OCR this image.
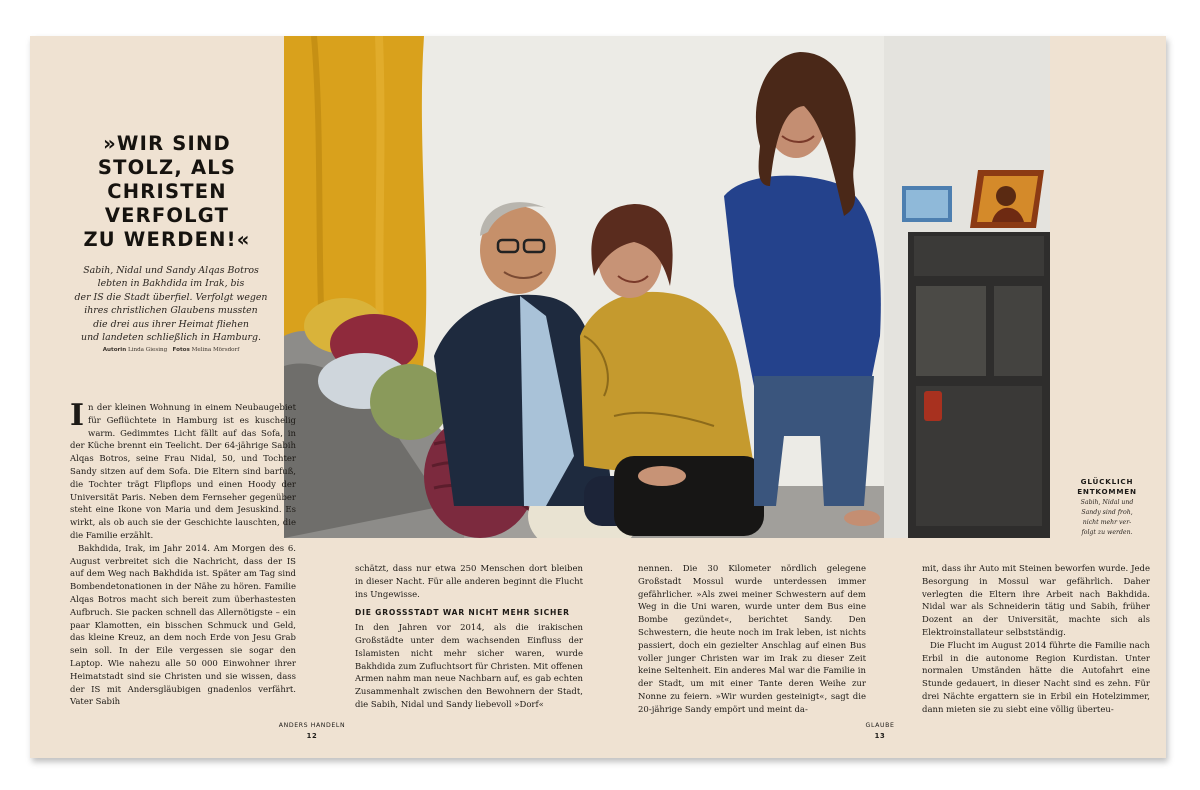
»WIR SIND
STOLZ, ALS
CHRISTEN
VERFOLGT
ZU WERDEN!«
Sabih, Nidal und Sandy Alqas Botros
lebten in Bakhdida im Irak, bis
der IS die Stadt überfiel. Verfolgt wegen
ihres christlichen Glaubens mussten
die drei aus ihrer Heimat fliehen
und landeten schließlich in Hamburg.
Autorin Linda Giesing Fotos Melina Mörsdorf

In der kleinen Wohnung in einem Neubaugebiet für Geflüchtete in Hamburg ist es kuschelig warm. Gedimmtes Licht fällt auf das Sofa, in der Küche brennt ein Teelicht. Der 64-jährige Sabih Alqas Botros, seine Frau Nidal, 50, und Tochter Sandy sitzen auf dem Sofa. Die Eltern sind barfuß, die Tochter trägt Flipflops und einen Hoody der Universität Paris. Neben dem Fernseher gegenüber steht eine Ikone von Maria und dem Jesuskind. Es wirkt, als ob auch sie der Geschichte lauschten, die die Familie erzählt.

Bakhdida, Irak, im Jahr 2014. Am Morgen des 6. August verbreitet sich die Nachricht, dass der IS auf dem Weg nach Bakhdida ist. Später am Tag sind Bombendetonationen in der Nähe zu hören. Familie Alqas Botros macht sich bereit zum überhastesten Aufbruch. Sie packen schnell das Allernötigste – ein paar Klamotten, ein bisschen Schmuck und Geld, das kleine Kreuz, an dem noch Erde von Jesu Grab sein soll. In der Eile vergessen sie sogar den Laptop. Wie nahezu alle 50 000 Einwohner ihrer Heimatstadt sind sie Christen und sie wissen, dass der IS mit Andersgläubigen gnadenlos verfährt. Vater Sabih

schätzt, dass nur etwa 250 Menschen dort bleiben in dieser Nacht. Für alle anderen beginnt die Flucht ins Ungewisse.

DIE GROSSSTADT WAR NICHT MEHR SICHER

In den Jahren vor 2014, als die irakischen Großstädte unter dem wachsenden Einfluss der Islamisten nicht mehr sicher waren, wurde Bakhdida zum Zufluchtsort für Christen. Mit offenen Armen nahm man neue Nachbarn auf, es gab echten Zusammenhalt zwischen den Bewohnern der Stadt, die Sabih, Nidal und Sandy liebevoll »Dorf«

nennen. Die 30 Kilometer nördlich gelegene Großstadt Mossul wurde unterdessen immer gefährlicher. »Als zwei meiner Schwestern auf dem Weg in die Uni waren, wurde unter dem Bus eine Bombe gezündet«, berichtet Sandy. Den Schwestern, die heute noch im Irak leben, ist nichts passiert, doch ein gezielter Anschlag auf einen Bus voller junger Christen war im Irak zu dieser Zeit keine Seltenheit. Ein anderes Mal war die Familie in der Stadt, um mit einer Tante deren Weihe zur Nonne zu feiern. »Wir wurden gesteinigt«, sagt die 20-jährige Sandy empört und meint da-

mit, dass ihr Auto mit Steinen beworfen wurde. Jede Besorgung in Mossul war gefährlich. Daher verlegten die Eltern ihre Arbeit nach Bakhdida. Nidal war als Schneiderin tätig und Sabih, früher Dozent an der Universität, machte sich als Elektroinstallateur selbstständig.

Die Flucht im August 2014 führte die Familie nach Erbil in die autonome Region Kurdistan. Unter normalen Umständen hätte die Autofahrt eine Stunde gedauert, in dieser Nacht sind es zehn. Für drei Nächte ergattern sie in Erbil ein Hotelzimmer, dann mieten sie zu siebt eine völlig überteu-

GLÜCKLICH
ENTKOMMEN
Sabih, Nidal und
Sandy sind froh,
nicht mehr ver-
folgt zu werden.
ANDERS HANDELN
12
GLAUBE
13
